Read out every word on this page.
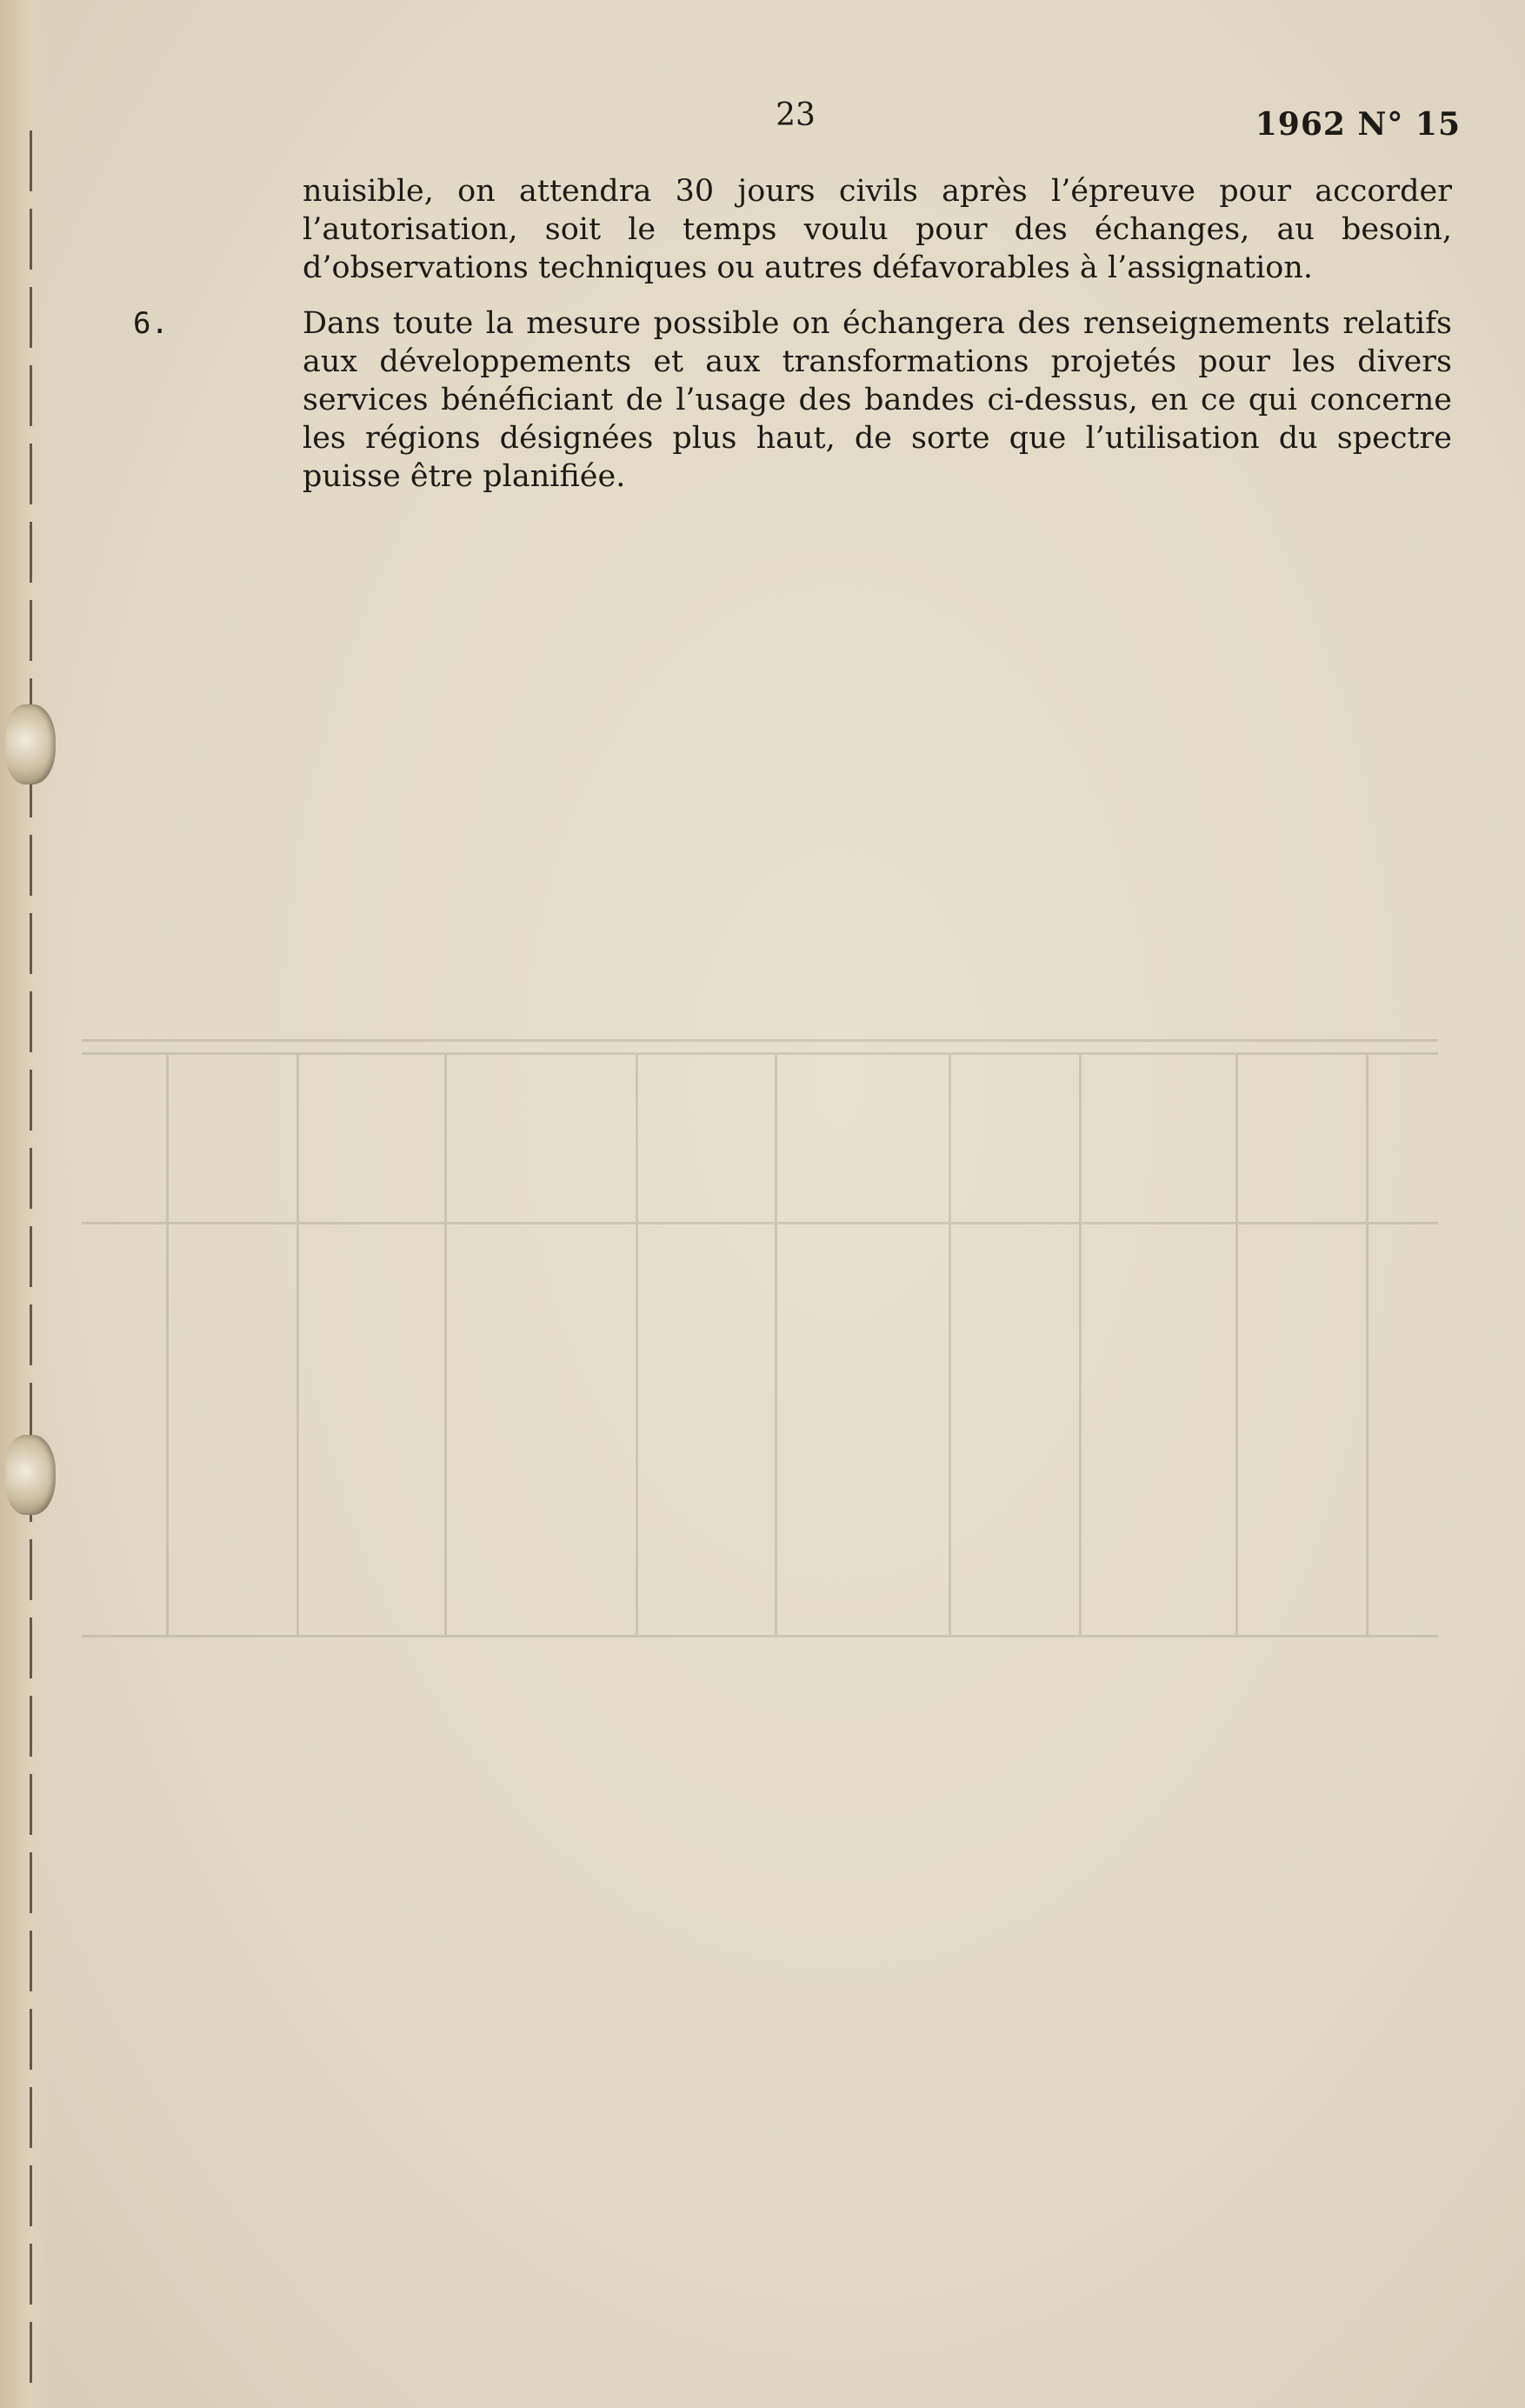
23	1962 N° 15

nuisible, on attendra 30 jours civils après l’épreuve pour accorder l’autorisation, soit le temps voulu pour des échanges, au besoin, d’observations techniques ou autres défavorables à l’assignation.

6.	Dans toute la mesure possible on échangera des renseignements relatifs aux développements et aux transformations projetés pour les divers services bénéficiant de l’usage des bandes ci-dessus, en ce qui concerne les régions désignées plus haut, de sorte que l’utilisation du spectre puisse être planifiée.
